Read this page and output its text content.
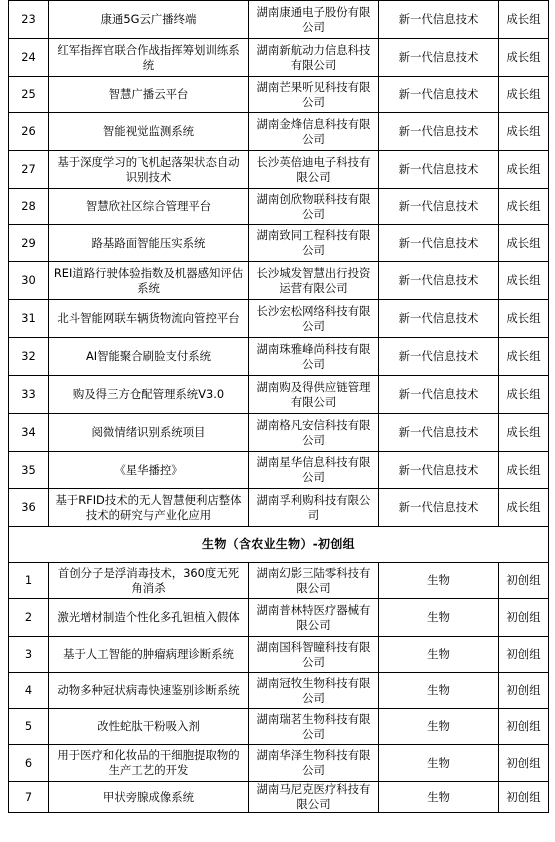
23	康通5G云广播终端	湖南康通电子股份有限公司	新一代信息技术	成长组
24	红军指挥官联合作战指挥筹划训练系统	湖南新航动力信息科技有限公司	新一代信息技术	成长组
25	智慧广播云平台	湖南芒果听见科技有限公司	新一代信息技术	成长组
26	智能视觉监测系统	湖南金烽信息科技有限公司	新一代信息技术	成长组
27	基于深度学习的飞机起落架状态自动识别技术	长沙英倍迪电子科技有限公司	新一代信息技术	成长组
28	智慧欣社区综合管理平台	湖南创欣物联科技有限公司	新一代信息技术	成长组
29	路基路面智能压实系统	湖南致同工程科技有限公司	新一代信息技术	成长组
30	REI道路行驶体验指数及机器感知评估系统	长沙城发智慧出行投资运营有限公司	新一代信息技术	成长组
31	北斗智能网联车辆货物流向管控平台	长沙宏松网络科技有限公司	新一代信息技术	成长组
32	AI智能聚合刷脸支付系统	湖南珠雅峰尚科技有限公司	新一代信息技术	成长组
33	购及得三方仓配管理系统V3.0	湖南购及得供应链管理有限公司	新一代信息技术	成长组
34	阅微情绪识别系统项目	湖南格凡安信科技有限公司	新一代信息技术	成长组
35	《星华播控》	湖南星华信息科技有限公司	新一代信息技术	成长组
36	基于RFID技术的无人智慧便利店整体技术的研究与产业化应用	湖南孚利购科技有限公司	新一代信息技术	成长组
生物（含农业生物）-初创组				
1	首创分子是浮消毒技术，360度无死角消杀	湖南幻影三陆零科技有限公司	生物	初创组
2	激光增材制造个性化多孔钽植入假体	湖南普林特医疗器械有限公司	生物	初创组
3	基于人工智能的肿瘤病理诊断系统	湖南国科智瞳科技有限公司	生物	初创组
4	动物多种冠状病毒快速鉴别诊断系统	湖南冠牧生物科技有限公司	生物	初创组
5	改性蛇肽干粉吸入剂	湖南瑞茗生物科技有限公司	生物	初创组
6	用于医疗和化妆品的干细胞提取物的生产工艺的开发	湖南华泽生物科技有限公司	生物	初创组
7	甲状旁腺成像系统	湖南马尼克医疗科技有限公司	生物	初创组
